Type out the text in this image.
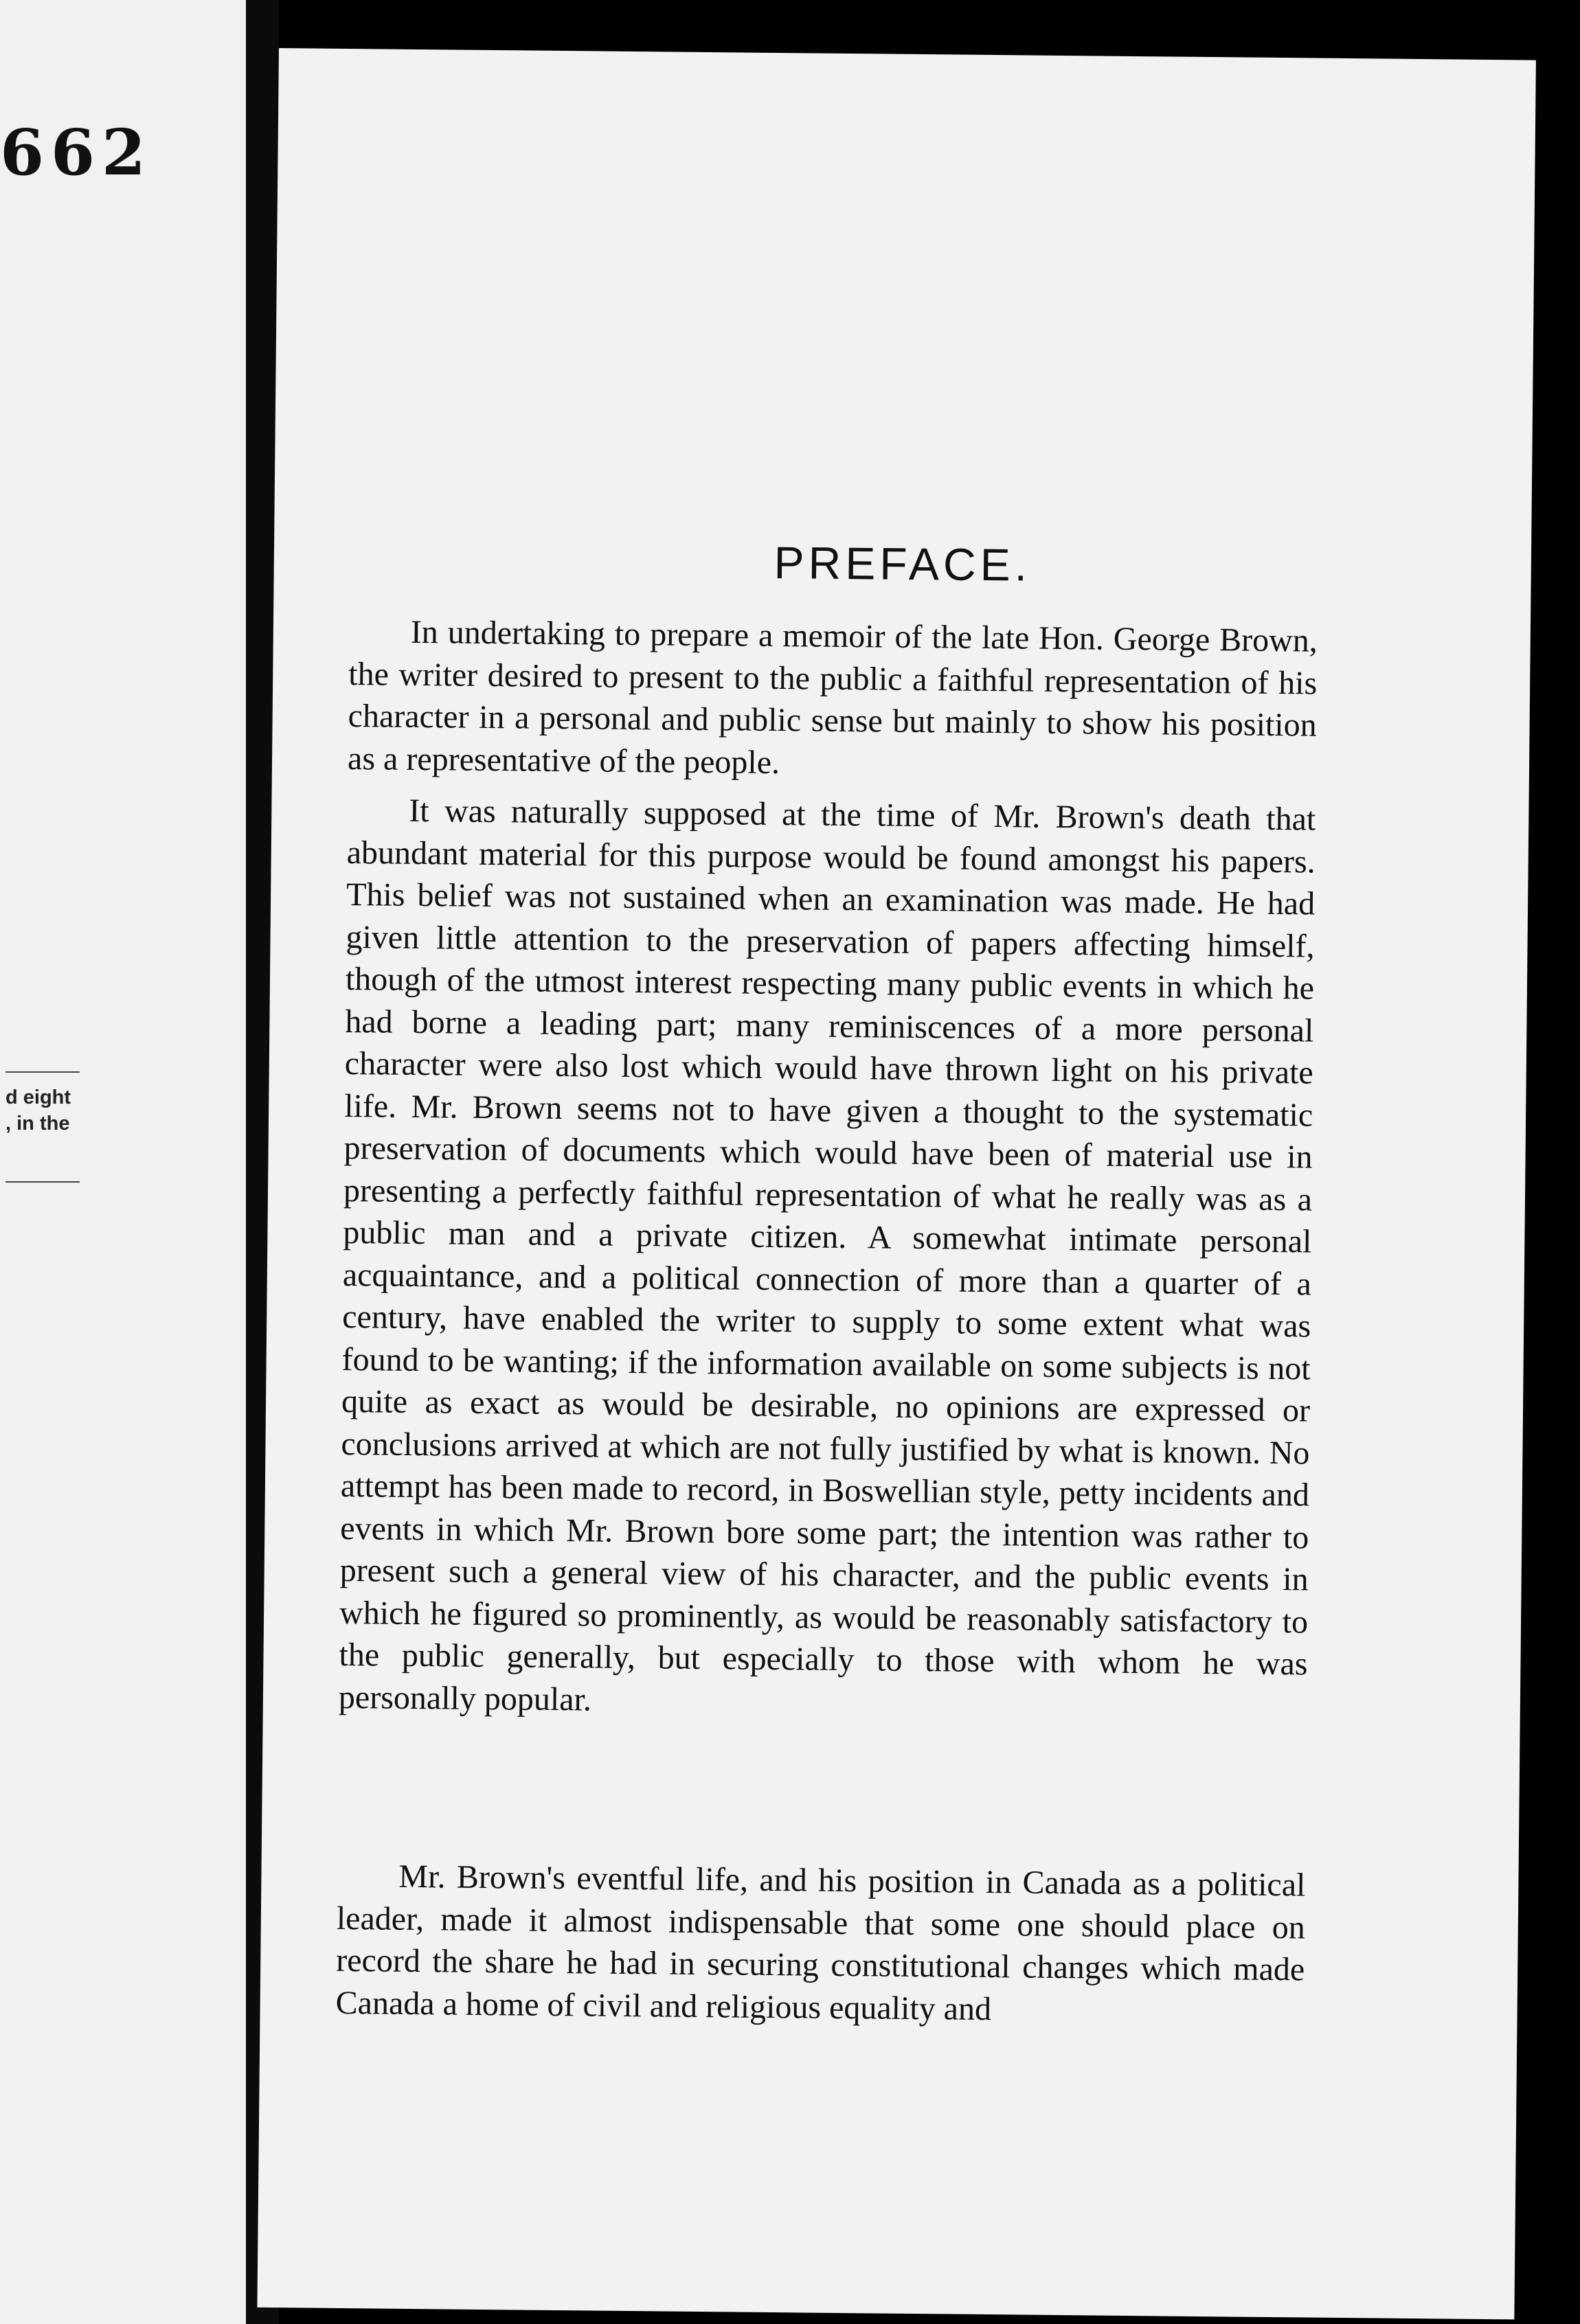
662
d eight
, in the
PREFACE.

In undertaking to prepare a memoir of the late Hon. George Brown, the writer desired to present to the public a faithful representation of his character in a personal and public sense but mainly to show his position as a representative of the people.

It was naturally supposed at the time of Mr. Brown's death that abundant material for this purpose would be found amongst his papers. This belief was not sustained when an examination was made. He had given little attention to the preservation of papers affecting himself, though of the utmost interest respecting many public events in which he had borne a leading part; many reminiscences of a more personal character were also lost which would have thrown light on his private life. Mr. Brown seems not to have given a thought to the systematic preservation of documents which would have been of material use in presenting a perfectly faithful representation of what he really was as a public man and a private citizen. A somewhat intimate personal acquaintance, and a political connection of more than a quarter of a century, have enabled the writer to supply to some extent what was found to be wanting; if the information available on some subjects is not quite as exact as would be desirable, no opinions are expressed or conclusions arrived at which are not fully justified by what is known. No attempt has been made to record, in Boswellian style, petty incidents and events in which Mr. Brown bore some part; the intention was rather to present such a general view of his character, and the public events in which he figured so prominently, as would be reasonably satisfactory to the public generally, but especially to those with whom he was personally popular.

Mr. Brown's eventful life, and his position in Canada as a political leader, made it almost indispensable that some one should place on record the share he had in securing constitutional changes which made Canada a home of civil and religious equality and
